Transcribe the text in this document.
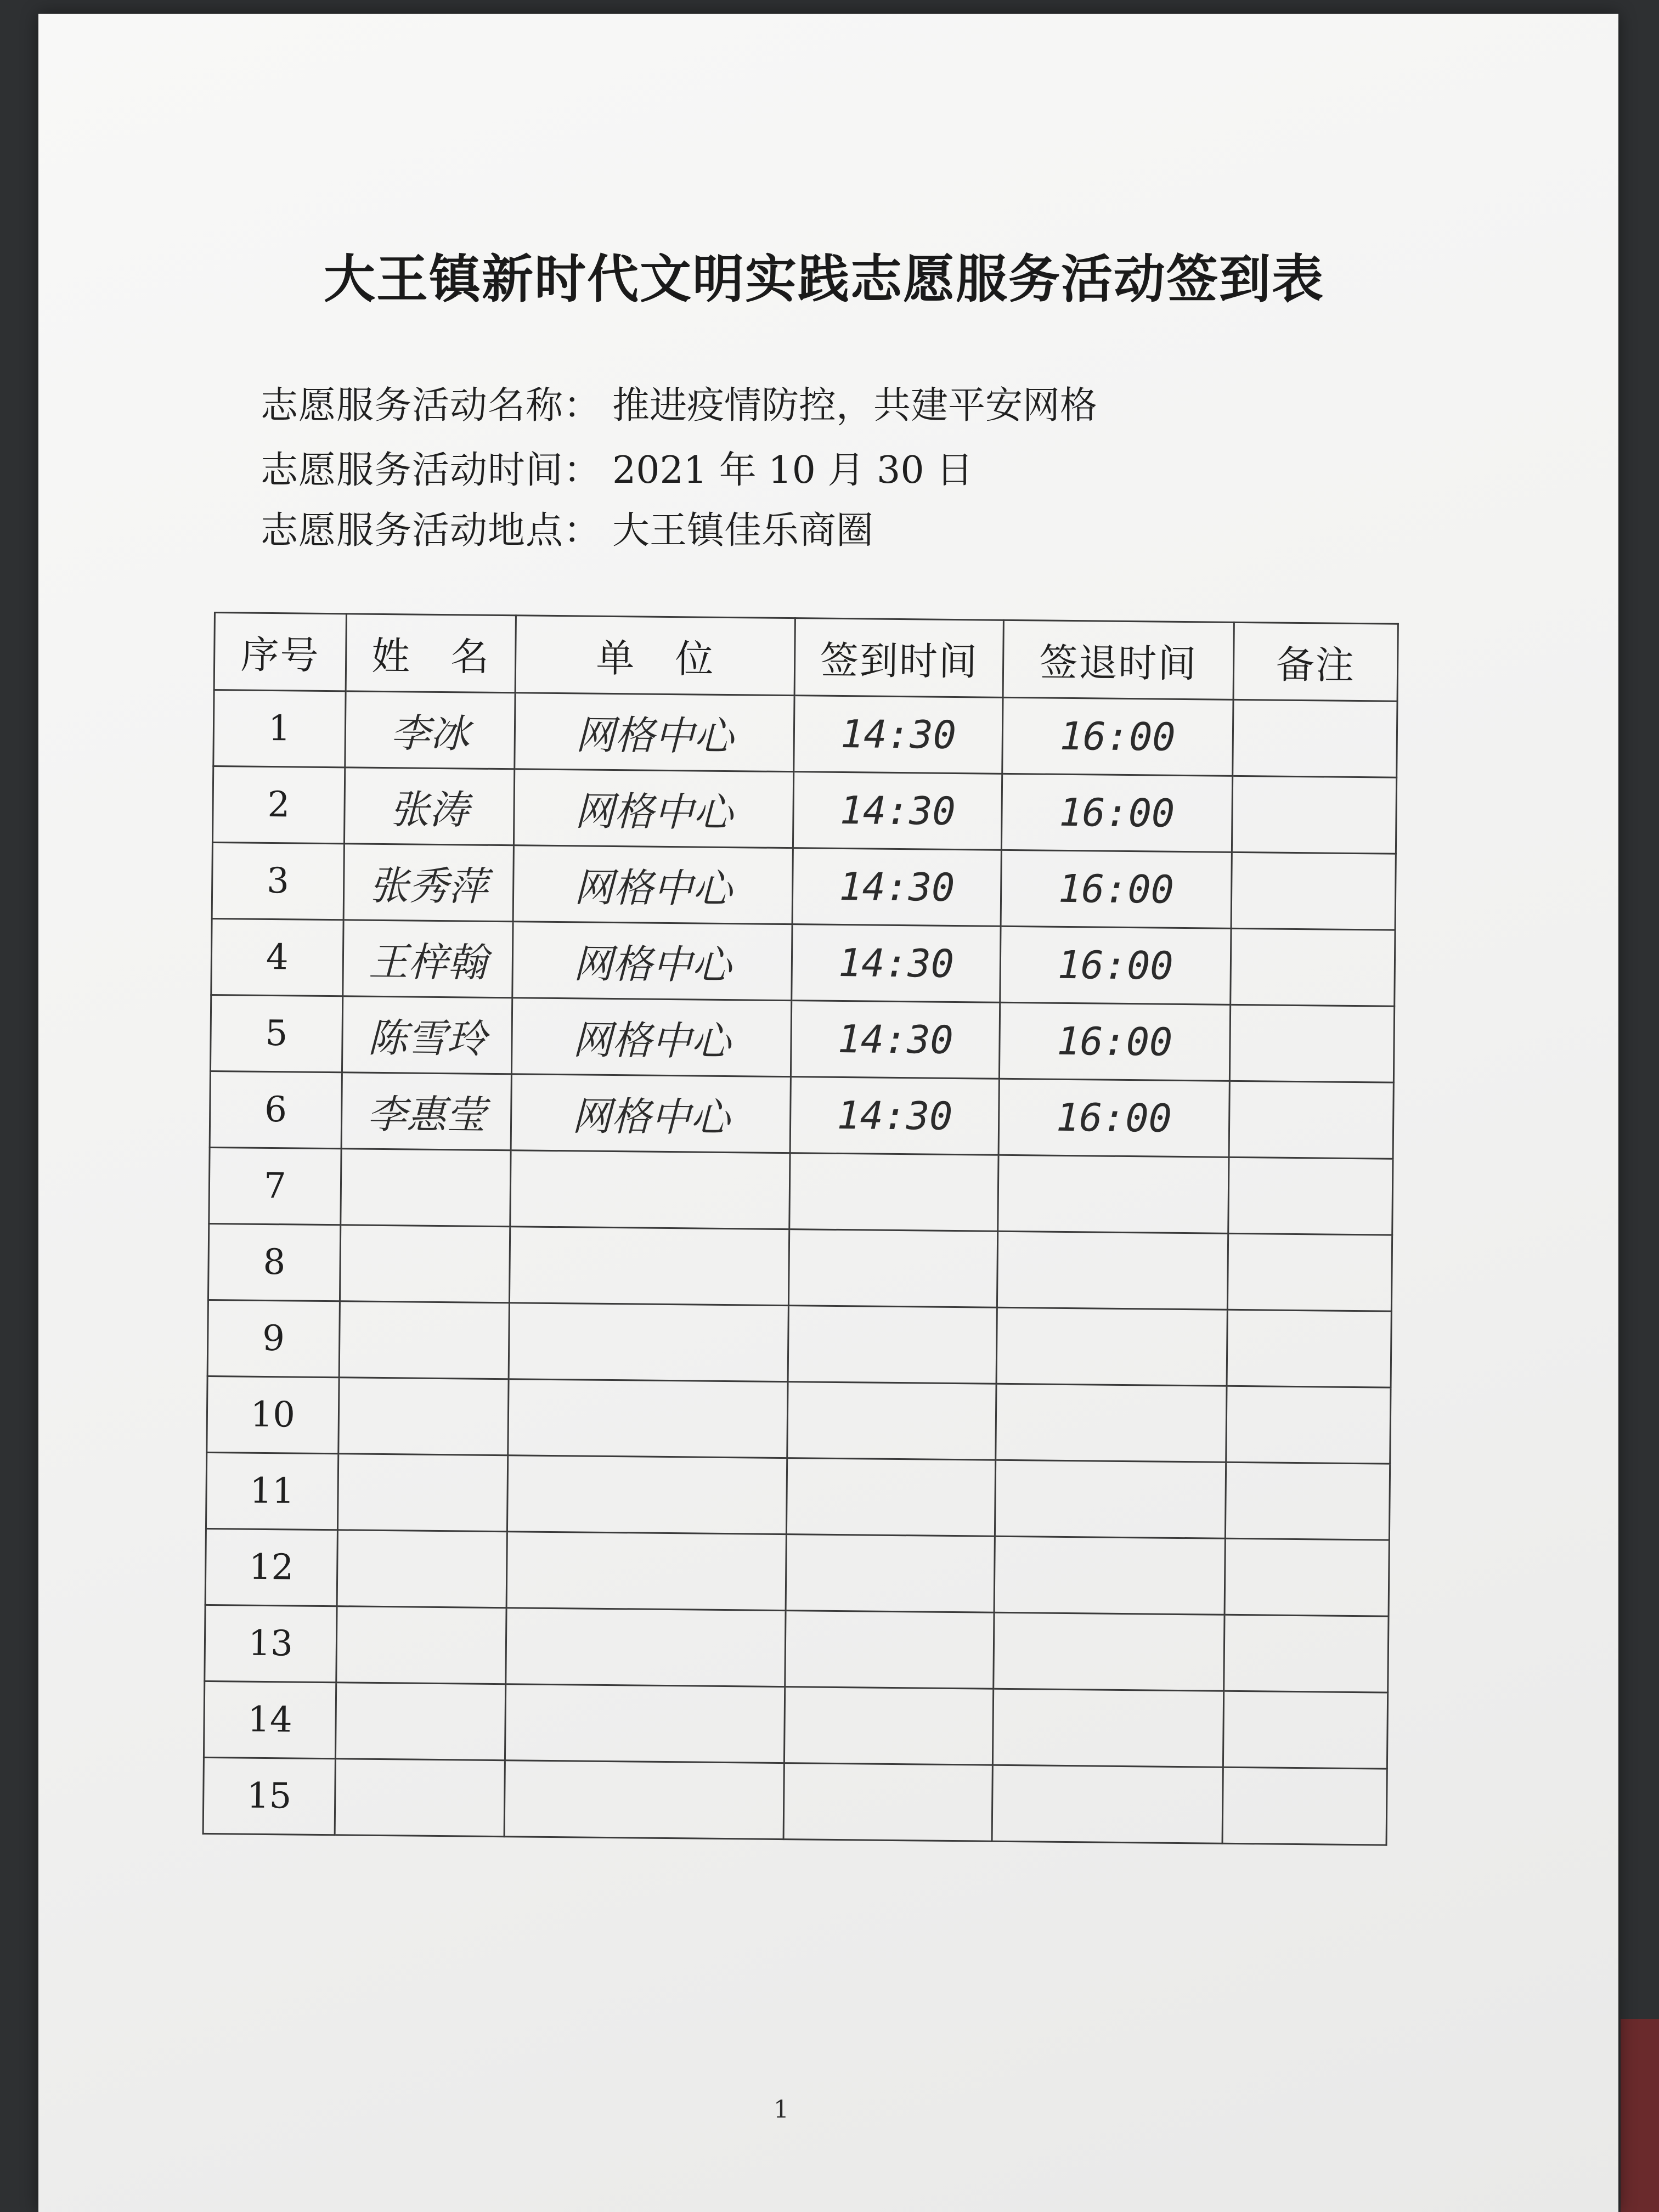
大王镇新时代文明实践志愿服务活动签到表
志愿服务活动名称： 推进疫情防控，共建平安网格
志愿服务活动时间： 2021 年 10 月 30 日
志愿服务活动地点： 大王镇佳乐商圈
序号	姓　名	单　位	签到时间	签退时间	备注
1	李冰	网格中心	14:30	16:00	
2	张涛	网格中心	14:30	16:00	
3	张秀萍	网格中心	14:30	16:00	
4	王梓翰	网格中心	14:30	16:00	
5	陈雪玲	网格中心	14:30	16:00	
6	李惠莹	网格中心	14:30	16:00	
7					
8					
9					
10					
11					
12					
13					
14					
15					
1
